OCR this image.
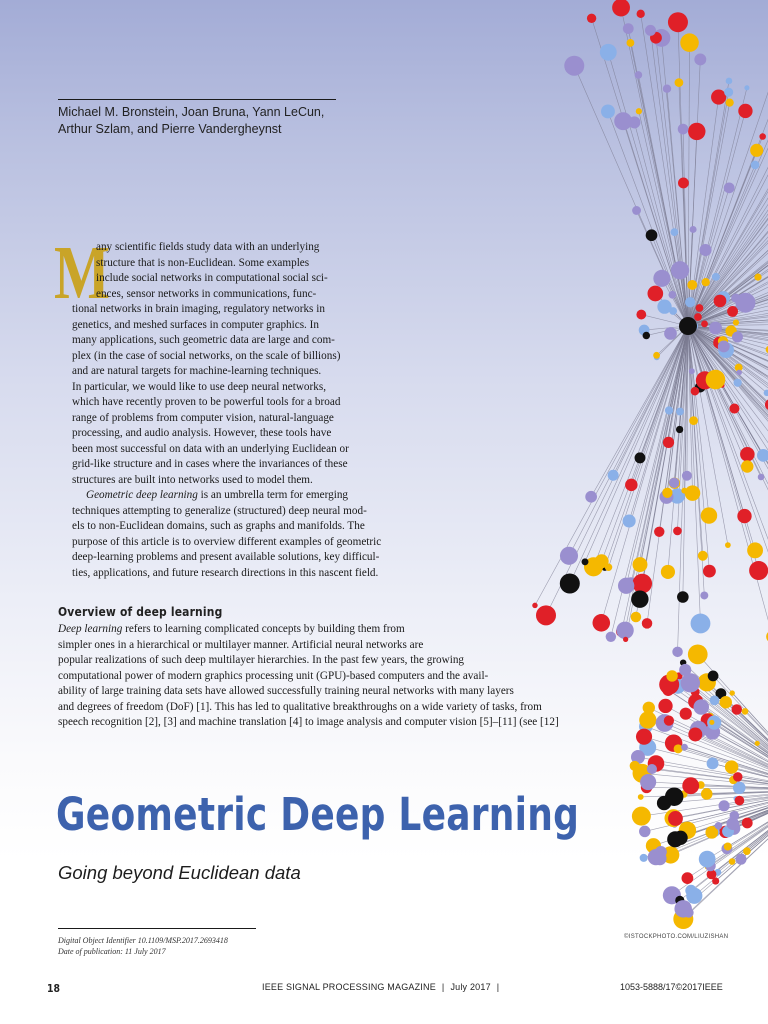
Michael M. Bronstein, Joan Bruna, Yann LeCun,
Arthur Szlam, and Pierre Vandergheynst
M
any scientific fields study data with an underlying
structure that is non-Euclidean. Some examples
include social networks in computational social sci-
ences, sensor networks in communications, func-
tional networks in brain imaging, regulatory networks in
genetics, and meshed surfaces in computer graphics. In
many applications, such geometric data are large and com-
plex (in the case of social networks, on the scale of billions)
and are natural targets for machine-learning techniques.
In particular, we would like to use deep neural networks,
which have recently proven to be powerful tools for a broad
range of problems from computer vision, natural-language
processing, and audio analysis. However, these tools have
been most successful on data with an underlying Euclidean or
grid-like structure and in cases where the invariances of these
structures are built into networks used to model them.
Geometric deep learning is an umbrella term for emerging
techniques attempting to generalize (structured) deep neural mod-
els to non-Euclidean domains, such as graphs and manifolds. The
purpose of this article is to overview different examples of geometric
deep-learning problems and present available solutions, key difficul-
ties, applications, and future research directions in this nascent field.
Overview of deep learning
Deep learning refers to learning complicated concepts by building them from
simpler ones in a hierarchical or multilayer manner. Artificial neural networks are
popular realizations of such deep multilayer hierarchies. In the past few years, the growing
computational power of modern graphics processing unit (GPU)-based computers and the avail-
ability of large training data sets have allowed successfully training neural networks with many layers
and degrees of freedom (DoF) [1]. This has led to qualitative breakthroughs on a wide variety of tasks, from
speech recognition [2], [3] and machine translation [4] to image analysis and computer vision [5]–[11] (see [12]
Geometric Deep Learning
Going beyond Euclidean data
Digital Object Identifier 10.1109/MSP.2017.2693418
Date of publication: 11 July 2017
©ISTOCKPHOTO.COM/LIUZISHAN
18	IEEE SIGNAL PROCESSING MAGAZINE | July 2017 |	1053-5888/17©2017IEEE
